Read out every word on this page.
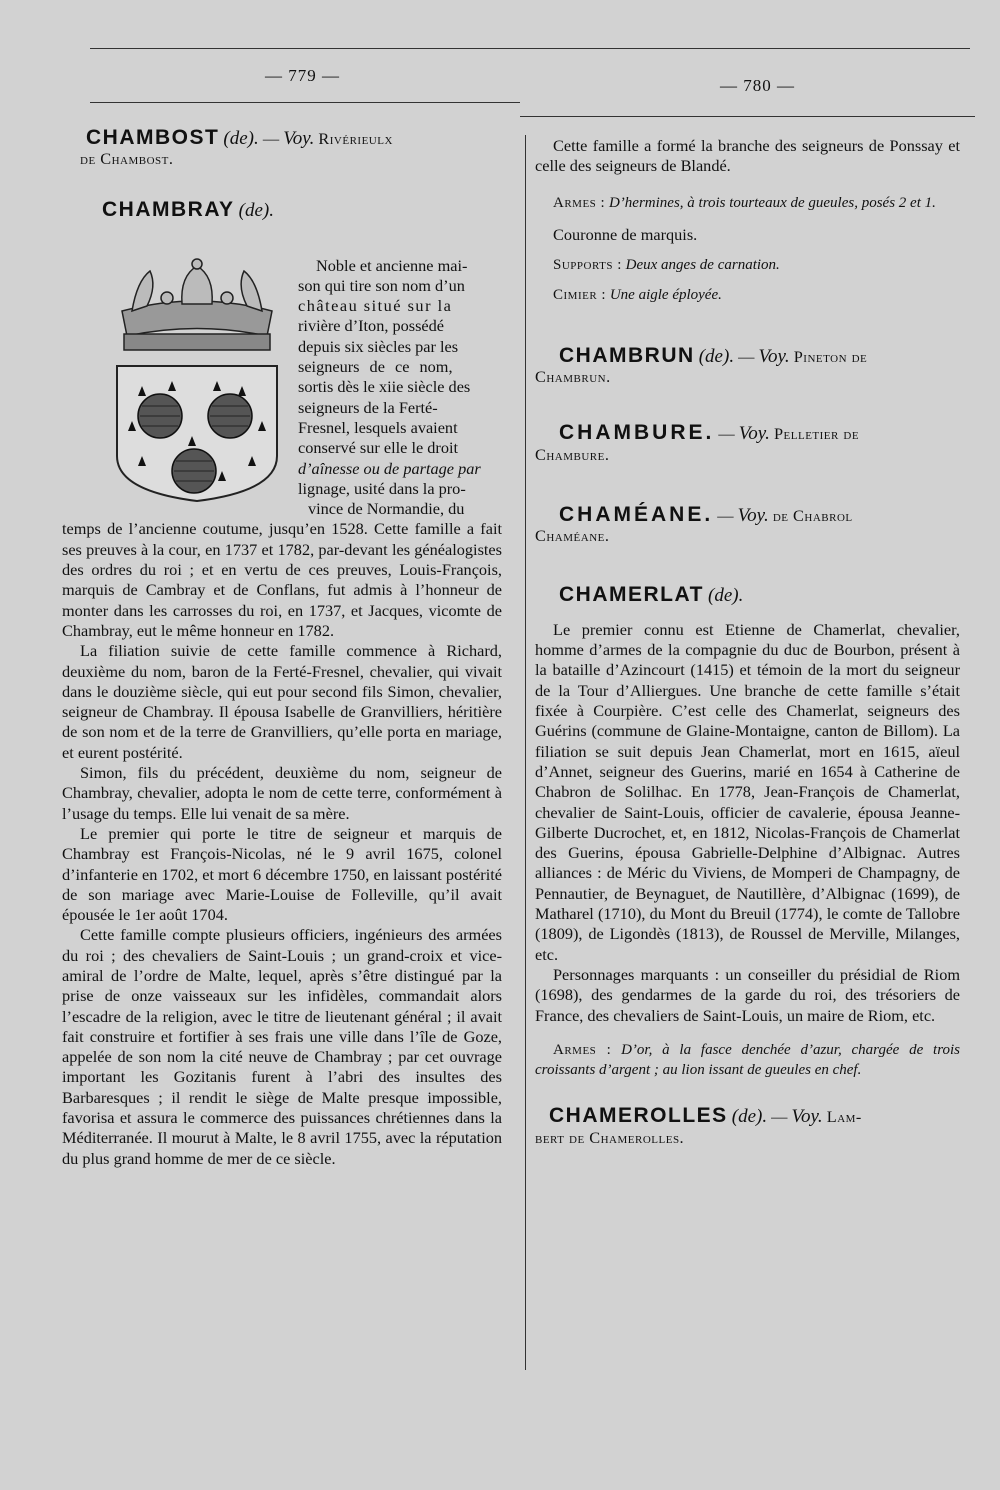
— 779 —
— 780 —
CHAMBOST (de). — Voy. Rivérieulx
de Chambost.
CHAMBRAY (de).
Noble et ancienne mai-
son qui tire son nom d’un
château situé sur la
rivière d’Iton, possédé
depuis six siècles par les
seigneurs de ce nom,
sortis dès le xiie siècle des
seigneurs de la Ferté-
Fresnel, lesquels avaient
conservé sur elle le droit
d’aînesse ou de partage par
lignage, usité dans la pro-
vince de Normandie, du

temps de l’ancienne coutume, jusqu’en 1528. Cette famille a fait ses preuves à la cour, en 1737 et 1782, par-devant les généalogistes des ordres du roi ; et en vertu de ces preuves, Louis-François, marquis de Cambray et de Conflans, fut admis à l’honneur de monter dans les carrosses du roi, en 1737, et Jacques, vicomte de Chambray, eut le même honneur en 1782.

La filiation suivie de cette famille commence à Richard, deuxième du nom, baron de la Ferté-Fresnel, chevalier, qui vivait dans le douzième siècle, qui eut pour second fils Simon, chevalier, seigneur de Chambray. Il épousa Isabelle de Granvilliers, héritière de son nom et de la terre de Granvilliers, qu’elle porta en mariage, et eurent postérité.

Simon, fils du précédent, deuxième du nom, seigneur de Chambray, chevalier, adopta le nom de cette terre, conformément à l’usage du temps. Elle lui venait de sa mère.

Le premier qui porte le titre de seigneur et marquis de Chambray est François-Nicolas, né le 9 avril 1675, colonel d’infanterie en 1702, et mort 6 décembre 1750, en laissant postérité de son mariage avec Marie-Louise de Folleville, qu’il avait épousée le 1er août 1704.

Cette famille compte plusieurs officiers, ingénieurs des armées du roi ; des chevaliers de Saint-Louis ; un grand-croix et vice-amiral de l’ordre de Malte, lequel, après s’être distingué par la prise de onze vaisseaux sur les infidèles, commandait alors l’escadre de la religion, avec le titre de lieutenant général ; il avait fait construire et fortifier à ses frais une ville dans l’île de Goze, appelée de son nom la cité neuve de Chambray ; par cet ouvrage important les Gozitanis furent à l’abri des insultes des Barbaresques ; il rendit le siège de Malte presque impossible, favorisa et assura le commerce des puissances chrétiennes dans la Méditerranée. Il mourut à Malte, le 8 avril 1755, avec la réputation du plus grand homme de mer de ce siècle.

Cette famille a formé la branche des seigneurs de Ponssay et celle des seigneurs de Blandé.

Armes : D’hermines, à trois tourteaux de gueules, posés 2 et 1.

Couronne de marquis.

Supports : Deux anges de carnation.

Cimier : Une aigle éployée.

CHAMBRUN (de). — Voy. Pineton de
Chambrun.
CHAMBURE. — Voy. Pelletier de
Chambure.
CHAMÉANE. — Voy. de Chabrol
Chaméane.
CHAMERLAT (de).

Le premier connu est Etienne de Chamerlat, chevalier, homme d’armes de la compagnie du duc de Bourbon, présent à la bataille d’Azincourt (1415) et témoin de la mort du seigneur de la Tour d’Alliergues. Une branche de cette famille s’était fixée à Courpière. C’est celle des Chamerlat, seigneurs des Guérins (commune de Glaine-Montaigne, canton de Billom). La filiation se suit depuis Jean Chamerlat, mort en 1615, aïeul d’Annet, seigneur des Guerins, marié en 1654 à Catherine de Chabron de Solilhac. En 1778, Jean-François de Chamerlat, chevalier de Saint-Louis, officier de cavalerie, épousa Jeanne-Gilberte Ducrochet, et, en 1812, Nicolas-François de Chamerlat des Guerins, épousa Gabrielle-Delphine d’Albignac. Autres alliances : de Méric du Viviens, de Momperi de Champagny, de Pennautier, de Beynaguet, de Nautillère, d’Albignac (1699), de Matharel (1710), du Mont du Breuil (1774), le comte de Tallobre (1809), de Ligondès (1813), de Roussel de Merville, Milanges, etc.

Personnages marquants : un conseiller du présidial de Riom (1698), des gendarmes de la garde du roi, des trésoriers de France, des chevaliers de Saint-Louis, un maire de Riom, etc.

Armes : D’or, à la fasce denchée d’azur, chargée de trois croissants d’argent ; au lion issant de gueules en chef.

CHAMEROLLES (de). — Voy. Lam-
bert de Chamerolles.
